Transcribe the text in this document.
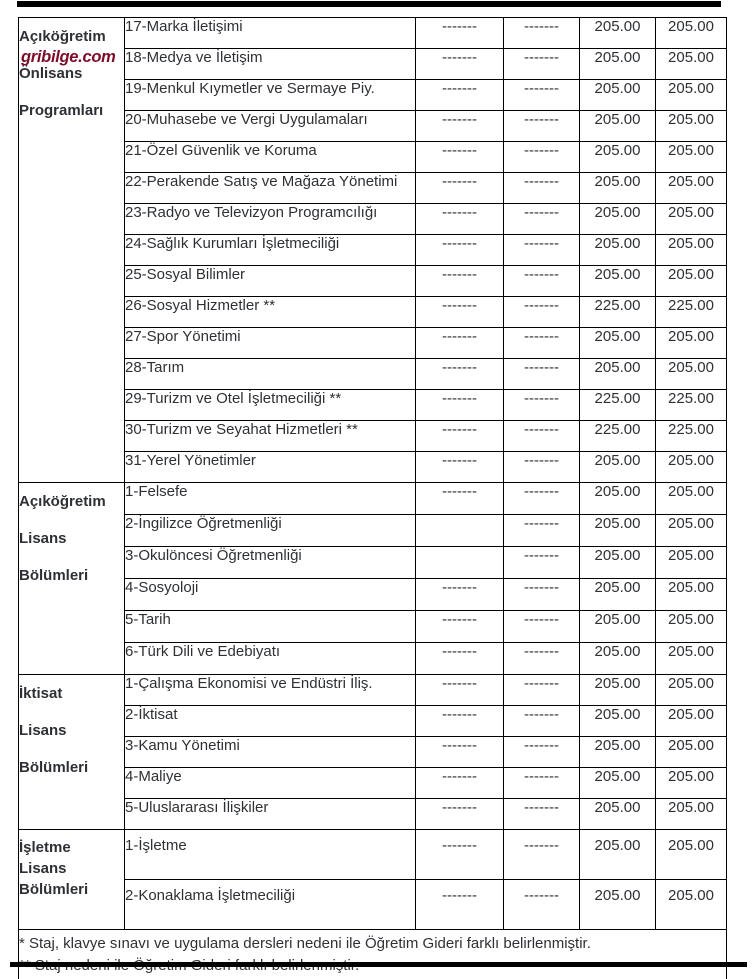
gribilge.com
Açıköğretim
Önlisans
Programları	17-Marka İletişimi	-------	-------	205.00	205.00
	18-Medya ve İletişim	-------	-------	205.00	205.00
	19-Menkul Kıymetler ve Sermaye Piy.	-------	-------	205.00	205.00
	20-Muhasebe ve Vergi Uygulamaları	-------	-------	205.00	205.00
	21-Özel Güvenlik ve Koruma	-------	-------	205.00	205.00
	22-Perakende Satış ve Mağaza Yönetimi	-------	-------	205.00	205.00
	23-Radyo ve Televizyon Programcılığı	-------	-------	205.00	205.00
	24-Sağlık Kurumları İşletmeciliği	-------	-------	205.00	205.00
	25-Sosyal Bilimler	-------	-------	205.00	205.00
	26-Sosyal Hizmetler **	-------	-------	225.00	225.00
	27-Spor Yönetimi	-------	-------	205.00	205.00
	28-Tarım	-------	-------	205.00	205.00
	29-Turizm ve Otel İşletmeciliği **	-------	-------	225.00	225.00
	30-Turizm ve Seyahat Hizmetleri **	-------	-------	225.00	225.00
	31-Yerel Yönetimler	-------	-------	205.00	205.00

Açıköğretim
Lisans
Bölümleri	1-Felsefe	-------	-------	205.00	205.00
	2-İngilizce Öğretmenliği		-------	205.00	205.00
	3-Okulöncesi Öğretmenliği		-------	205.00	205.00
	4-Sosyoloji	-------	-------	205.00	205.00
	5-Tarih	-------	-------	205.00	205.00
	6-Türk Dili ve Edebiyatı	-------	-------	205.00	205.00

İktisat
Lisans
Bölümleri	1-Çalışma Ekonomisi ve Endüstri İliş.	-------	-------	205.00	205.00
	2-İktisat	-------	-------	205.00	205.00
	3-Kamu Yönetimi	-------	-------	205.00	205.00
	4-Maliye	-------	-------	205.00	205.00
	5-Uluslararası İlişkiler	-------	-------	205.00	205.00

İşletme
Lisans
Bölümleri	1-İşletme	-------	-------	205.00	205.00
	2-Konaklama İşletmeciliği	-------	-------	205.00	205.00

* Staj, klavye sınavı ve uygulama dersleri nedeni ile Öğretim Gideri farklı belirlenmiştir.					
